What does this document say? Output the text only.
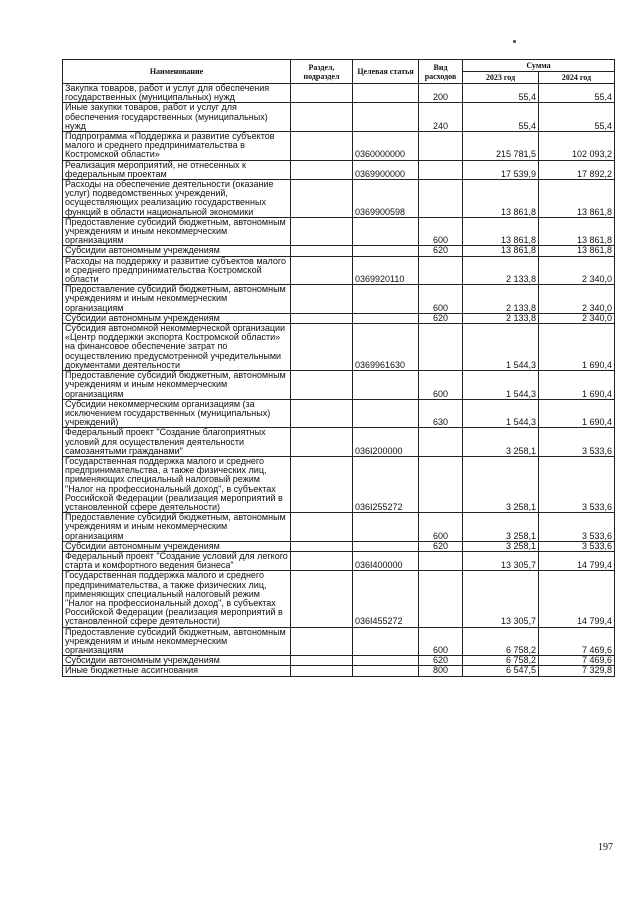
Наименование	Раздел, подраздел	Целевая статья	Вид расходов	Сумма	
				2023 год	2024 год
Закупка товаров, работ и услуг для обеспечения государственных (муниципальных) нужд			200	55,4	55,4
Иные закупки товаров, работ и услуг для обеспечения государственных (муниципальных) нужд			240	55,4	55,4
Подпрограмма «Поддержка и развитие субъектов малого и среднего предпринимательства в Костромской области»		0360000000		215 781,5	102 093,2
Реализация мероприятий, не отнесенных к федеральным проектам		0369900000		17 539,9	17 892,2
Расходы на обеспечение деятельности (оказание услуг) подведомственных учреждений, осуществляющих реализацию государственных функций в области национальной экономики		0369900598		13 861,8	13 861,8
Предоставление субсидий бюджетным, автономным учреждениям и иным некоммерческим организациям			600	13 861,8	13 861,8
Субсидии автономным учреждениям			620	13 861,8	13 861,8
Расходы на поддержку и развитие субъектов малого и среднего предпринимательства Костромской области		0369920110		2 133,8	2 340,0
Предоставление субсидий бюджетным, автономным учреждениям и иным некоммерческим организациям			600	2 133,8	2 340,0
Субсидии автономным учреждениям			620	2 133,8	2 340,0
Субсидия автономной некоммерческой организации «Центр поддержки экспорта Костромской области» на финансовое обеспечение затрат по осуществлению предусмотренной учредительными документами деятельности		0369961630		1 544,3	1 690,4
Предоставление субсидий бюджетным, автономным учреждениям и иным некоммерческим организациям			600	1 544,3	1 690,4
Субсидии некоммерческим организациям (за исключением государственных (муниципальных) учреждений)			630	1 544,3	1 690,4
Федеральный проект "Создание благоприятных условий для осуществления деятельности самозанятыми гражданами"		036I200000		3 258,1	3 533,6
Государственная поддержка малого и среднего предпринимательства, а также физических лиц, применяющих специальный налоговый режим "Налог на профессиональный доход", в субъектах Российской Федерации (реализация мероприятий в установленной сфере деятельности)		036I255272		3 258,1	3 533,6
Предоставление субсидий бюджетным, автономным учреждениям и иным некоммерческим организациям			600	3 258,1	3 533,6
Субсидии автономным учреждениям			620	3 258,1	3 533,6
Федеральный проект "Создание условий для легкого старта и комфортного ведения бизнеса"		036I400000		13 305,7	14 799,4
Государственная поддержка малого и среднего предпринимательства, а также физических лиц, применяющих специальный налоговый режим "Налог на профессиональный доход", в субъектах Российской Федерации (реализация мероприятий в установленной сфере деятельности)		036I455272		13 305,7	14 799,4
Предоставление субсидий бюджетным, автономным учреждениям и иным некоммерческим организациям			600	6 758,2	7 469,6
Субсидии автономным учреждениям			620	6 758,2	7 469,6
Иные бюджетные ассигнования			800	6 547,5	7 329,8
197
